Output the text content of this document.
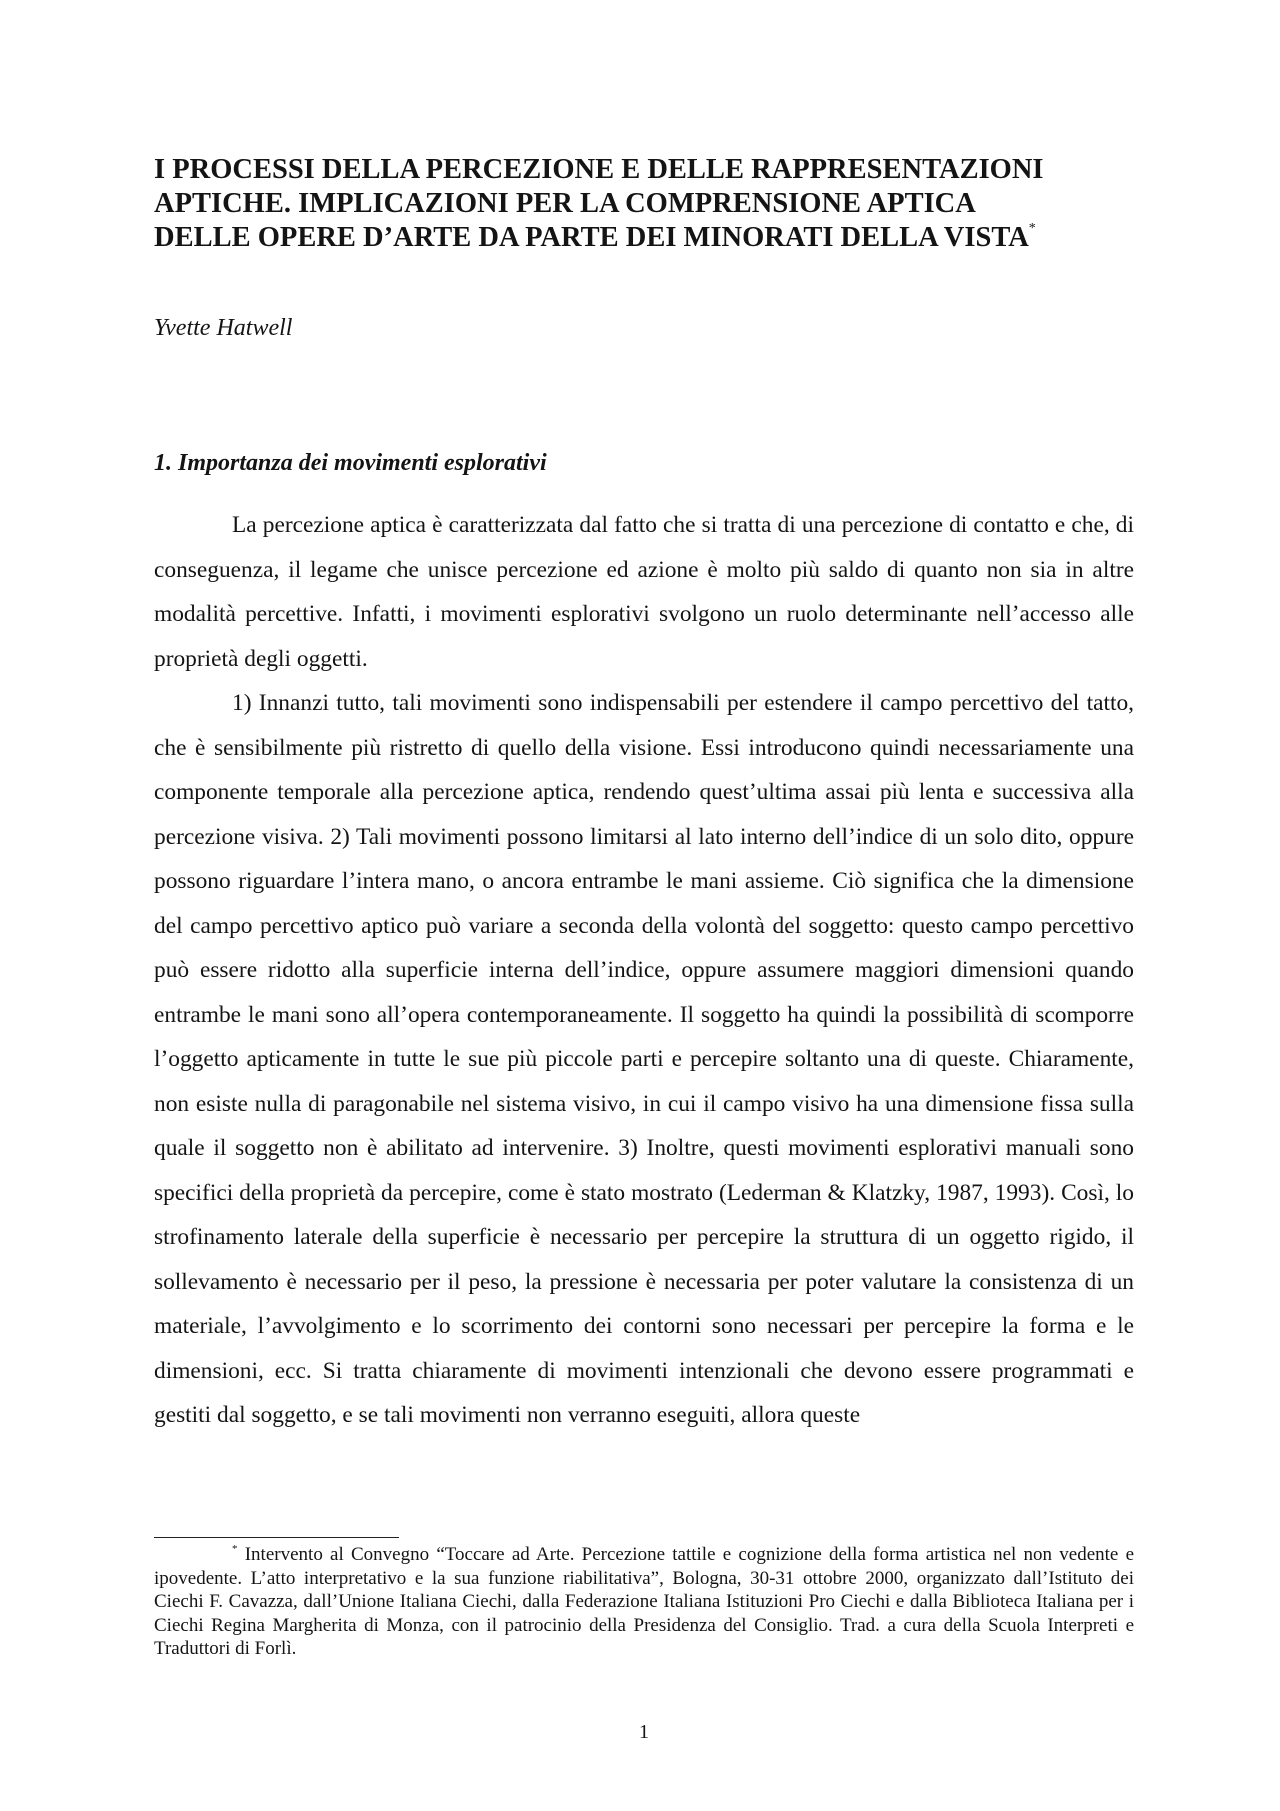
I PROCESSI DELLA PERCEZIONE E DELLE RAPPRESENTAZIONI
APTICHE. IMPLICAZIONI PER LA COMPRENSIONE APTICA
DELLE OPERE D’ARTE DA PARTE DEI MINORATI DELLA VISTA*
Yvette Hatwell
1. Importanza dei movimenti esplorativi

La percezione aptica è caratterizzata dal fatto che si tratta di una percezione di contatto e che, di conseguenza, il legame che unisce percezione ed azione è molto più saldo di quanto non sia in altre modalità percettive. Infatti, i movimenti esplorativi svolgono un ruolo determinante nell’accesso alle proprietà degli oggetti.

1) Innanzi tutto, tali movimenti sono indispensabili per estendere il campo percettivo del tatto, che è sensibilmente più ristretto di quello della visione. Essi introducono quindi necessariamente una componente temporale alla percezione aptica, rendendo quest’ultima assai più lenta e successiva alla percezione visiva. 2) Tali movimenti possono limitarsi al lato interno dell’indice di un solo dito, oppure possono riguardare l’intera mano, o ancora entrambe le mani assieme. Ciò significa che la dimensione del campo percettivo aptico può variare a seconda della volontà del soggetto: questo campo percettivo può essere ridotto alla superficie interna dell’indice, oppure assumere maggiori dimensioni quando entrambe le mani sono all’opera contemporaneamente. Il soggetto ha quindi la possibilità di scomporre l’oggetto apticamente in tutte le sue più piccole parti e percepire soltanto una di queste. Chiaramente, non esiste nulla di paragonabile nel sistema visivo, in cui il campo visivo ha una dimensione fissa sulla quale il soggetto non è abilitato ad intervenire. 3) Inoltre, questi movimenti esplorativi manuali sono specifici della proprietà da percepire, come è stato mostrato (Lederman & Klatzky, 1987, 1993). Così, lo strofinamento laterale della superficie è necessario per percepire la struttura di un oggetto rigido, il sollevamento è necessario per il peso, la pressione è necessaria per poter valutare la consistenza di un materiale, l’avvolgimento e lo scorrimento dei contorni sono necessari per percepire la forma e le dimensioni, ecc. Si tratta chiaramente di movimenti intenzionali che devono essere programmati e gestiti dal soggetto, e se tali movimenti non verranno eseguiti, allora queste

* Intervento al Convegno “Toccare ad Arte. Percezione tattile e cognizione della forma artistica nel non vedente e ipovedente. L’atto interpretativo e la sua funzione riabilitativa”, Bologna, 30-31 ottobre 2000, organizzato dall’Istituto dei Ciechi F. Cavazza, dall’Unione Italiana Ciechi, dalla Federazione Italiana Istituzioni Pro Ciechi e dalla Biblioteca Italiana per i Ciechi Regina Margherita di Monza, con il patrocinio della Presidenza del Consiglio. Trad. a cura della Scuola Interpreti e Traduttori di Forlì.

1
